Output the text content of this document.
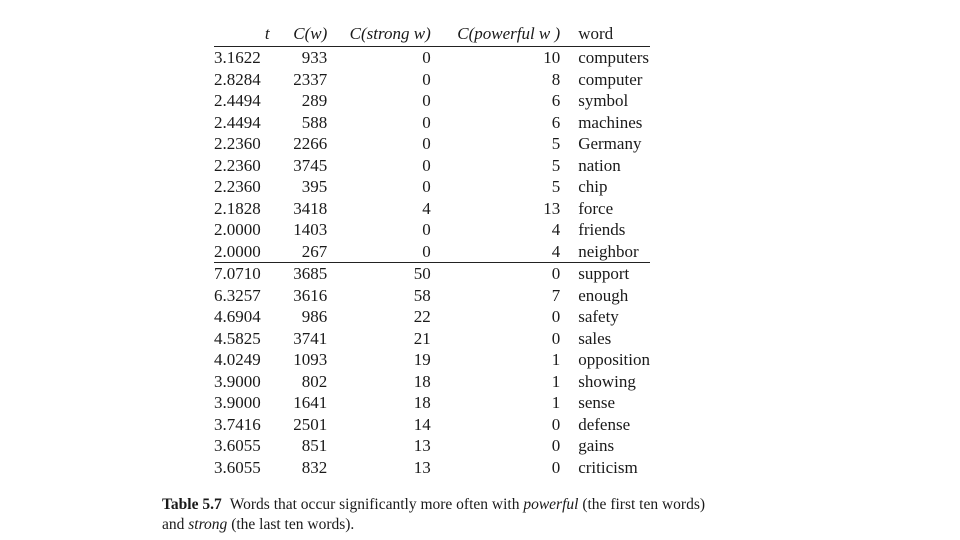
t	C(w)	C(strong w)	C(powerful w )	word
3.1622	933	0	10	computers
2.8284	2337	0	8	computer
2.4494	289	0	6	symbol
2.4494	588	0	6	machines
2.2360	2266	0	5	Germany
2.2360	3745	0	5	nation
2.2360	395	0	5	chip
2.1828	3418	4	13	force
2.0000	1403	0	4	friends
2.0000	267	0	4	neighbor
7.0710	3685	50	0	support
6.3257	3616	58	7	enough
4.6904	986	22	0	safety
4.5825	3741	21	0	sales
4.0249	1093	19	1	opposition
3.9000	802	18	1	showing
3.9000	1641	18	1	sense
3.7416	2501	14	0	defense
3.6055	851	13	0	gains
3.6055	832	13	0	criticism
Table 5.7 Words that occur significantly more often with powerful (the first ten words) and strong (the last ten words).
